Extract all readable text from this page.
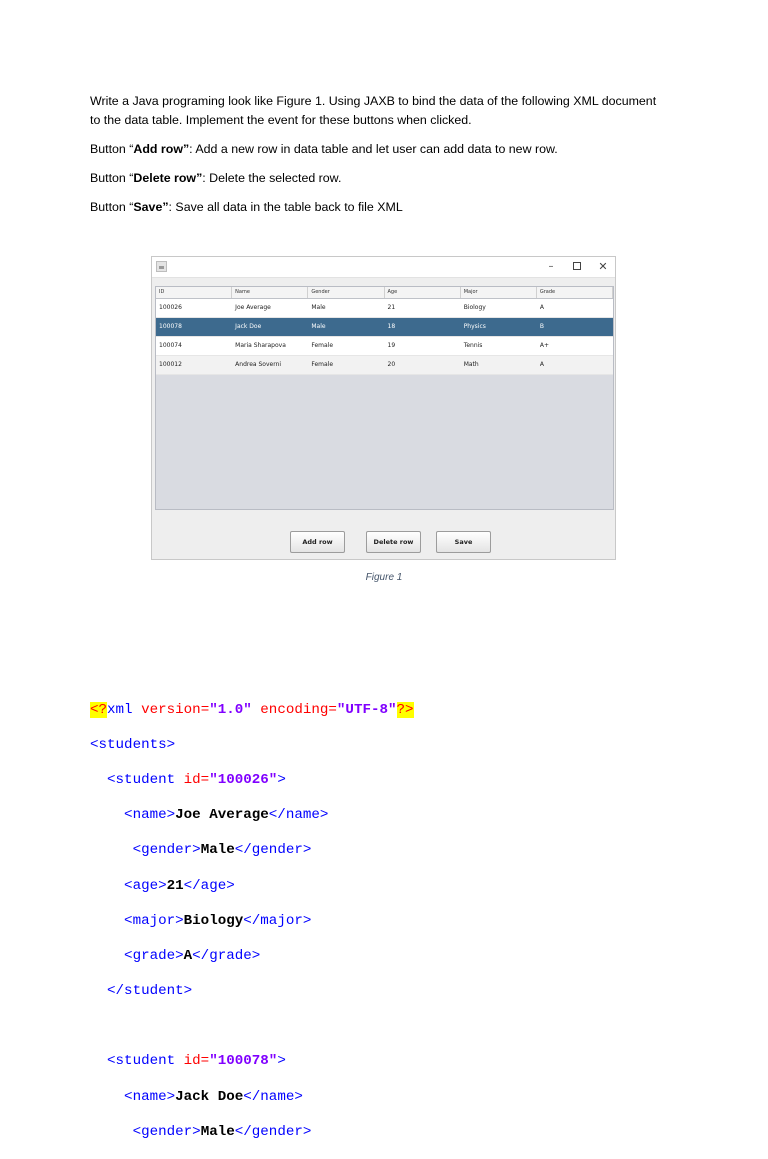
Write a Java programing look like Figure 1. Using JAXB to bind the data of the following XML document
to the data table. Implement the event for these buttons when clicked.

Button “Add row”: Add a new row in data table and let user can add data to new row.

Button “Delete row”: Delete the selected row.

Button “Save”: Save all data in the table back to file XML

–	✕
ID	Name	Gender	Age	Major	Grade
100026	Joe Average	Male	21	Biology	A
100078	Jack Doe	Male	18	Physics	B
100074	Maria Sharapova	Female	19	Tennis	A+
100012	Andrea Soverni	Female	20	Math	A
Add row	Delete row	Save
Figure 1

<?xml version="1.0" encoding="UTF-8"?>

<students>

<student id="100026">

<name>Joe Average</name>

<gender>Male</gender>

<age>21</age>

<major>Biology</major>

<grade>A</grade>

</student>

<student id="100078">

<name>Jack Doe</name>

<gender>Male</gender>
